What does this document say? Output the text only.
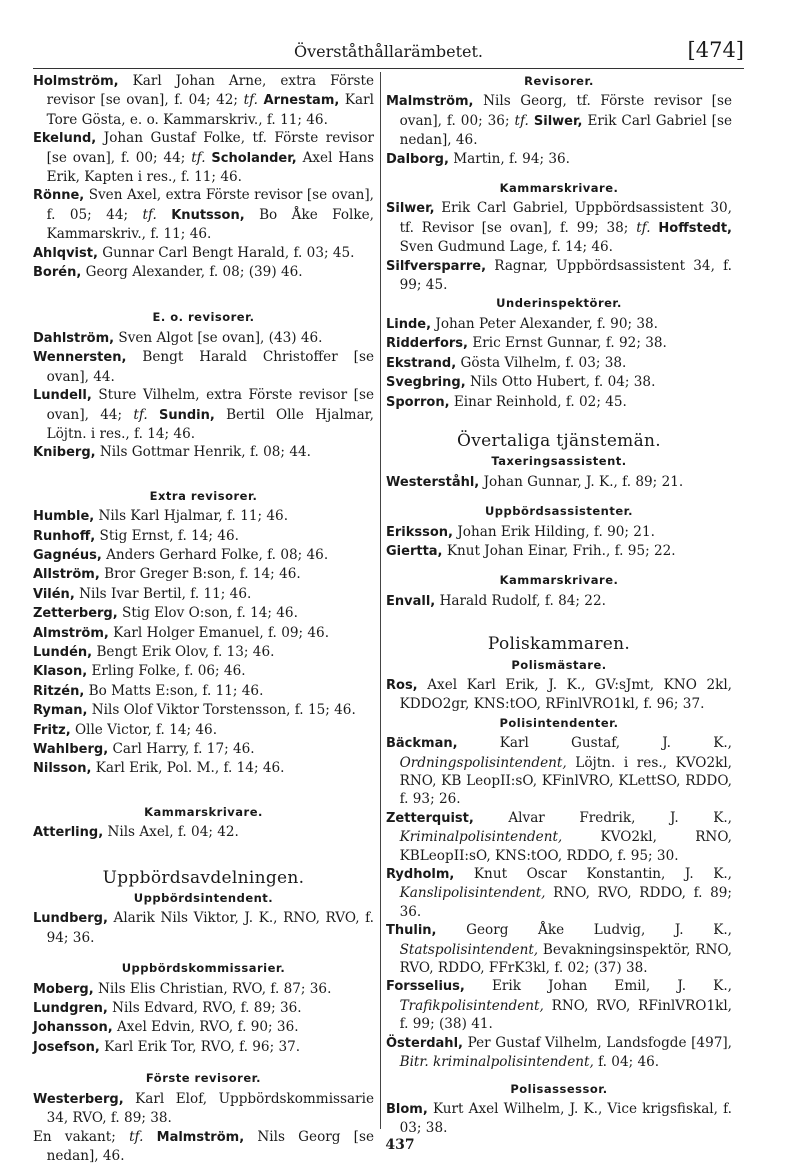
Överståthållarämbetet.	[474]
Holmström, Karl Johan Arne, extra Förste revisor [se ovan], f. 04; 42; tf. Arnestam, Karl Tore Gösta, e. o. Kammarskriv., f. 11; 46.
Ekelund, Johan Gustaf Folke, tf. Förste revisor [se ovan], f. 00; 44; tf. Scholander, Axel Hans Erik, Kapten i res., f. 11; 46.
Rönne, Sven Axel, extra Förste revisor [se ovan], f. 05; 44; tf. Knutsson, Bo Åke Folke, Kammarskriv., f. 11; 46.
Ahlqvist, Gunnar Carl Bengt Harald, f. 03; 45.
Borén, Georg Alexander, f. 08; (39) 46.
E. o. revisorer.
Dahlström, Sven Algot [se ovan], (43) 46.
Wennersten, Bengt Harald Christoffer [se ovan], 44.
Lundell, Sture Vilhelm, extra Förste revisor [se ovan], 44; tf. Sundin, Bertil Olle Hjalmar, Löjtn. i res., f. 14; 46.
Kniberg, Nils Gottmar Henrik, f. 08; 44.
Extra revisorer.
Humble, Nils Karl Hjalmar, f. 11; 46.
Runhoff, Stig Ernst, f. 14; 46.
Gagnéus, Anders Gerhard Folke, f. 08; 46.
Allström, Bror Greger B:son, f. 14; 46.
Vilén, Nils Ivar Bertil, f. 11; 46.
Zetterberg, Stig Elov O:son, f. 14; 46.
Almström, Karl Holger Emanuel, f. 09; 46.
Lundén, Bengt Erik Olov, f. 13; 46.
Klason, Erling Folke, f. 06; 46.
Ritzén, Bo Matts E:son, f. 11; 46.
Ryman, Nils Olof Viktor Torstensson, f. 15; 46.
Fritz, Olle Victor, f. 14; 46.
Wahlberg, Carl Harry, f. 17; 46.
Nilsson, Karl Erik, Pol. M., f. 14; 46.
Kammarskrivare.
Atterling, Nils Axel, f. 04; 42.
Uppbördsavdelningen.
Uppbördsintendent.
Lundberg, Alarik Nils Viktor, J. K., RNO, RVO, f. 94; 36.
Uppbördskommissarier.
Moberg, Nils Elis Christian, RVO, f. 87; 36.
Lundgren, Nils Edvard, RVO, f. 89; 36.
Johansson, Axel Edvin, RVO, f. 90; 36.
Josefson, Karl Erik Tor, RVO, f. 96; 37.
Förste revisorer.
Westerberg, Karl Elof, Uppbördskommissarie 34, RVO, f. 89; 38.
En vakant; tf. Malmström, Nils Georg [se nedan], 46.
Revisorer.
Malmström, Nils Georg, tf. Förste revisor [se ovan], f. 00; 36; tf. Silwer, Erik Carl Gabriel [se nedan], 46.
Dalborg, Martin, f. 94; 36.
Kammarskrivare.
Silwer, Erik Carl Gabriel, Uppbördsassistent 30, tf. Revisor [se ovan], f. 99; 38; tf. Hoffstedt, Sven Gudmund Lage, f. 14; 46.
Silfversparre, Ragnar, Uppbördsassistent 34, f. 99; 45.
Underinspektörer.
Linde, Johan Peter Alexander, f. 90; 38.
Ridderfors, Eric Ernst Gunnar, f. 92; 38.
Ekstrand, Gösta Vilhelm, f. 03; 38.
Svegbring, Nils Otto Hubert, f. 04; 38.
Sporron, Einar Reinhold, f. 02; 45.
Övertaliga tjänstemän.
Taxeringsassistent.
Westerståhl, Johan Gunnar, J. K., f. 89; 21.
Uppbördsassistenter.
Eriksson, Johan Erik Hilding, f. 90; 21.
Giertta, Knut Johan Einar, Frih., f. 95; 22.
Kammarskrivare.
Envall, Harald Rudolf, f. 84; 22.
Poliskammaren.
Polismästare.
Ros, Axel Karl Erik, J. K., GV:sJmt, KNO 2kl, KDDO2gr, KNS:tOO, RFinlVRO1kl, f. 96; 37.
Polisintendenter.
Bäckman,	Karl Gustaf, J. K., Ordningspolisintendent, Löjtn. i res., KVO2kl, RNO, KB LeopII:sO, KFinlVRO, KLettSO, RDDO, f. 93; 26.
Zetterquist,	Alvar Fredrik, J. K., Kriminalpolisintendent,	KVO2kl, RNO, KBLeopII:sO, KNS:tOO, RDDO, f. 95; 30.
Rydholm, Knut Oscar Konstantin, J. K., Kanslipolisintendent, RNO, RVO, RDDO, f. 89; 36.
Thulin, Georg Åke Ludvig, J. K., Statspolisintendent, Bevakningsinspektör, RNO, RVO, RDDO, FFrK3kl, f. 02; (37) 38.
Forsselius, Erik Johan Emil, J. K., Trafikpolisintendent, RNO, RVO, RFinlVRO1kl, f. 99; (38) 41.
Österdahl, Per Gustaf Vilhelm, Landsfogde [497], Bitr. kriminalpolisintendent, f. 04; 46.
Polisassessor.
Blom, Kurt Axel Wilhelm, J. K., Vice krigsfiskal, f. 03; 38.
437
